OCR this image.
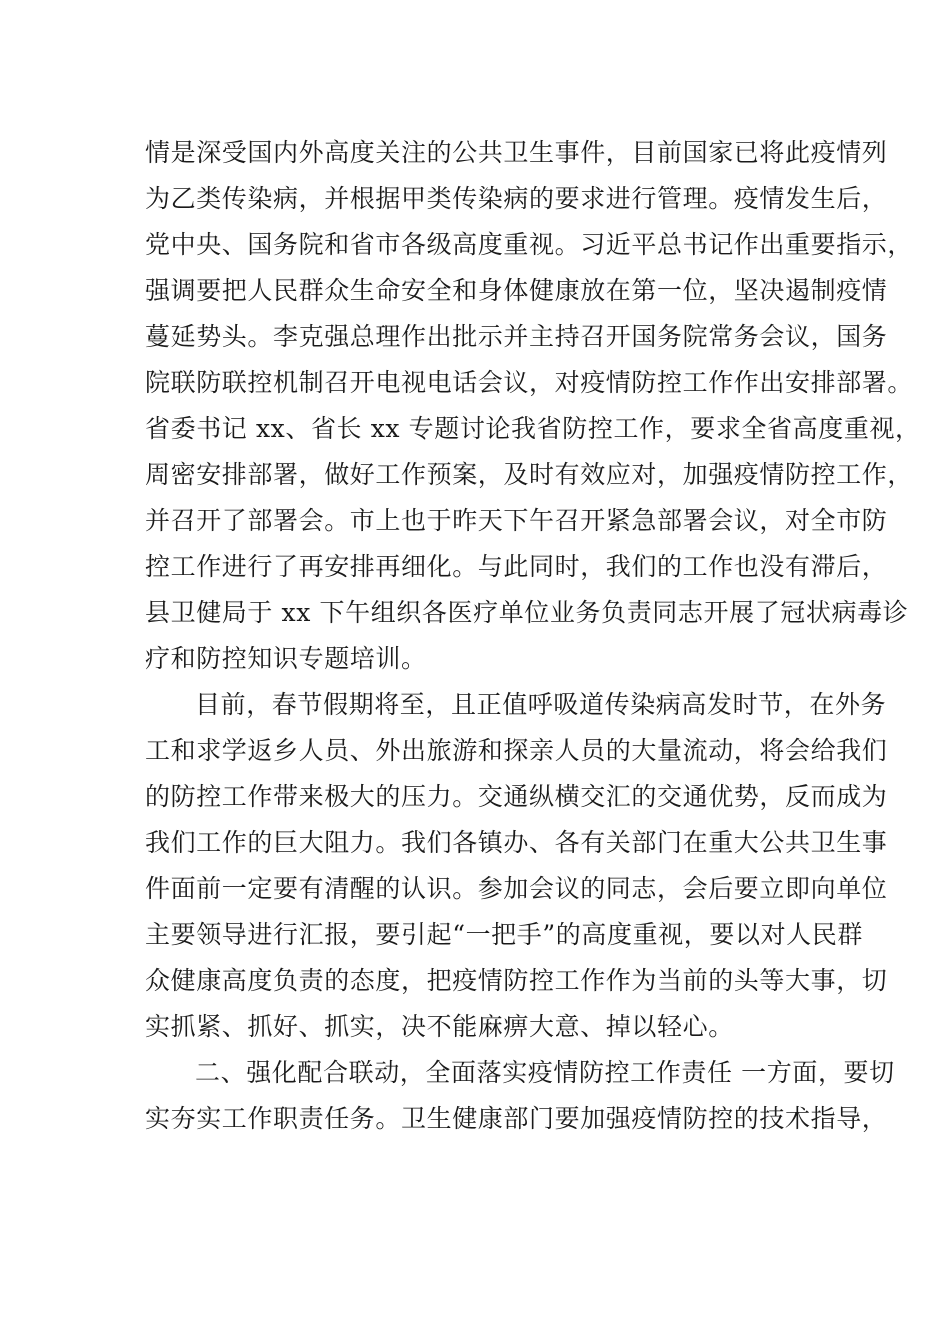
情是深受国内外高度关注的公共卫生事件，目前国家已将此疫情列
为乙类传染病，并根据甲类传染病的要求进行管理。疫情发生后，
党中央、国务院和省市各级高度重视。习近平总书记作出重要指示，
强调要把人民群众生命安全和身体健康放在第一位，坚决遏制疫情
蔓延势头。李克强总理作出批示并主持召开国务院常务会议，国务
院联防联控机制召开电视电话会议，对疫情防控工作作出安排部署。
省委书记 xx、省长 xx 专题讨论我省防控工作，要求全省高度重视，
周密安排部署，做好工作预案，及时有效应对，加强疫情防控工作，
并召开了部署会。市上也于昨天下午召开紧急部署会议，对全市防
控工作进行了再安排再细化。与此同时，我们的工作也没有滞后，
县卫健局于 xx 下午组织各医疗单位业务负责同志开展了冠状病毒诊
疗和防控知识专题培训。
目前，春节假期将至，且正值呼吸道传染病高发时节，在外务
工和求学返乡人员、外出旅游和探亲人员的大量流动，将会给我们
的防控工作带来极大的压力。交通纵横交汇的交通优势，反而成为
我们工作的巨大阻力。我们各镇办、各有关部门在重大公共卫生事
件面前一定要有清醒的认识。参加会议的同志，会后要立即向单位
主要领导进行汇报，要引起“一把手”的高度重视，要以对人民群
众健康高度负责的态度，把疫情防控工作作为当前的头等大事，切
实抓紧、抓好、抓实，决不能麻痹大意、掉以轻心。
二、强化配合联动，全面落实疫情防控工作责任 一方面，要切
实夯实工作职责任务。卫生健康部门要加强疫情防控的技术指导，
